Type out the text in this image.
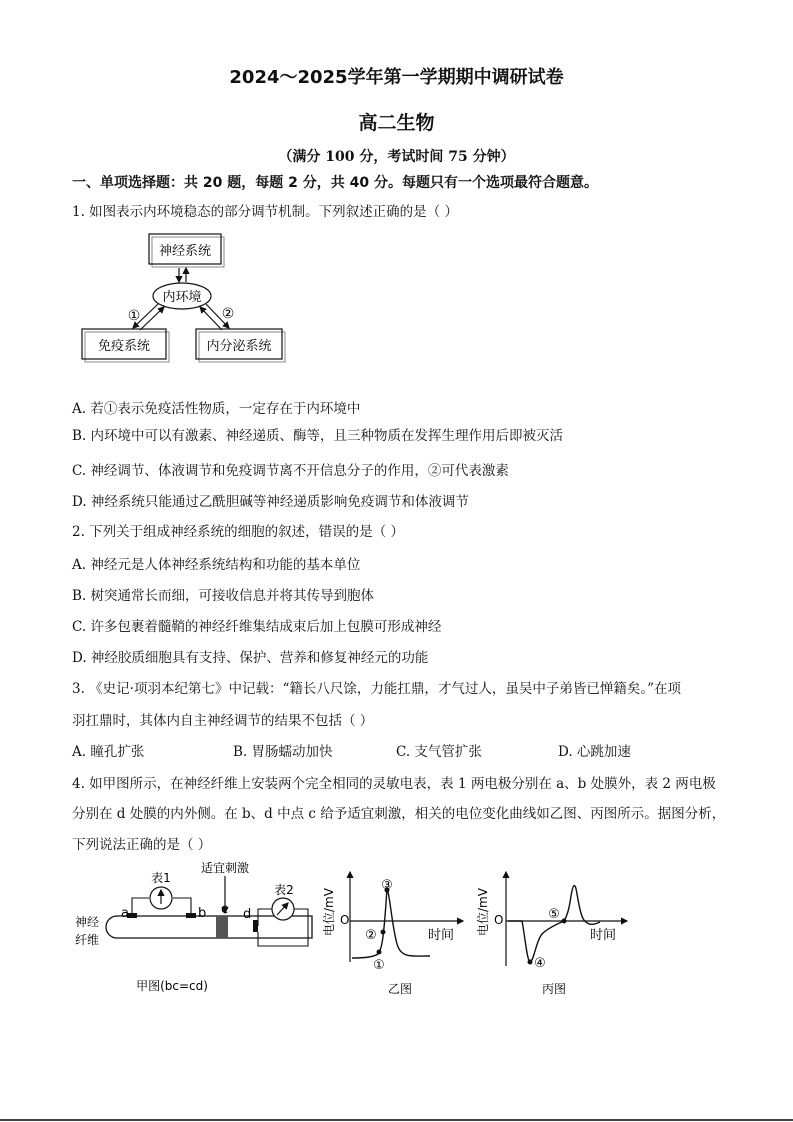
2024～2025学年第一学期期中调研试卷
高二生物
（满分 100 分，考试时间 75 分钟）
一、单项选择题：共 20 题，每题 2 分，共 40 分。每题只有一个选项最符合题意。
1. 如图表示内环境稳态的部分调节机制。下列叙述正确的是（ ）
神经系统
内环境
免疫系统	内分泌系统
①	②
A. 若①表示免疫活性物质，一定存在于内环境中
B. 内环境中可以有激素、神经递质、酶等，且三种物质在发挥生理作用后即被灭活
C. 神经调节、体液调节和免疫调节离不开信息分子的作用，②可代表激素
D. 神经系统只能通过乙酰胆碱等神经递质影响免疫调节和体液调节
2. 下列关于组成神经系统的细胞的叙述，错误的是（ ）
A. 神经元是人体神经系统结构和功能的基本单位
B. 树突通常长而细，可接收信息并将其传导到胞体
C. 许多包裹着髓鞘的神经纤维集结成束后加上包膜可形成神经
D. 神经胶质细胞具有支持、保护、营养和修复神经元的功能
3. 《史记·项羽本纪第七》中记载：“籍长八尺馀，力能扛鼎，才气过人，虽吴中子弟皆已惮籍矣。”在项
羽扛鼎时，其体内自主神经调节的结果不包括（ ）
A. 瞳孔扩张	B. 胃肠蠕动加快	C. 支气管扩张	D. 心跳加速
4. 如甲图所示，在神经纤维上安装两个完全相同的灵敏电表，表 1 两电极分别在 a、b 处膜外，表 2 两电极
分别在 d 处膜的内外侧。在 b、d 中点 c 给予适宜刺激，相关的电位变化曲线如乙图、丙图所示。据图分析，
下列说法正确的是（ ）
适宜刺激
表1
表2
a	b c d
神经
纤维
甲图(bc=cd)
O
电位/mV	时间
①
②
③
乙图
O
电位/mV	时间
④
⑤
丙图
